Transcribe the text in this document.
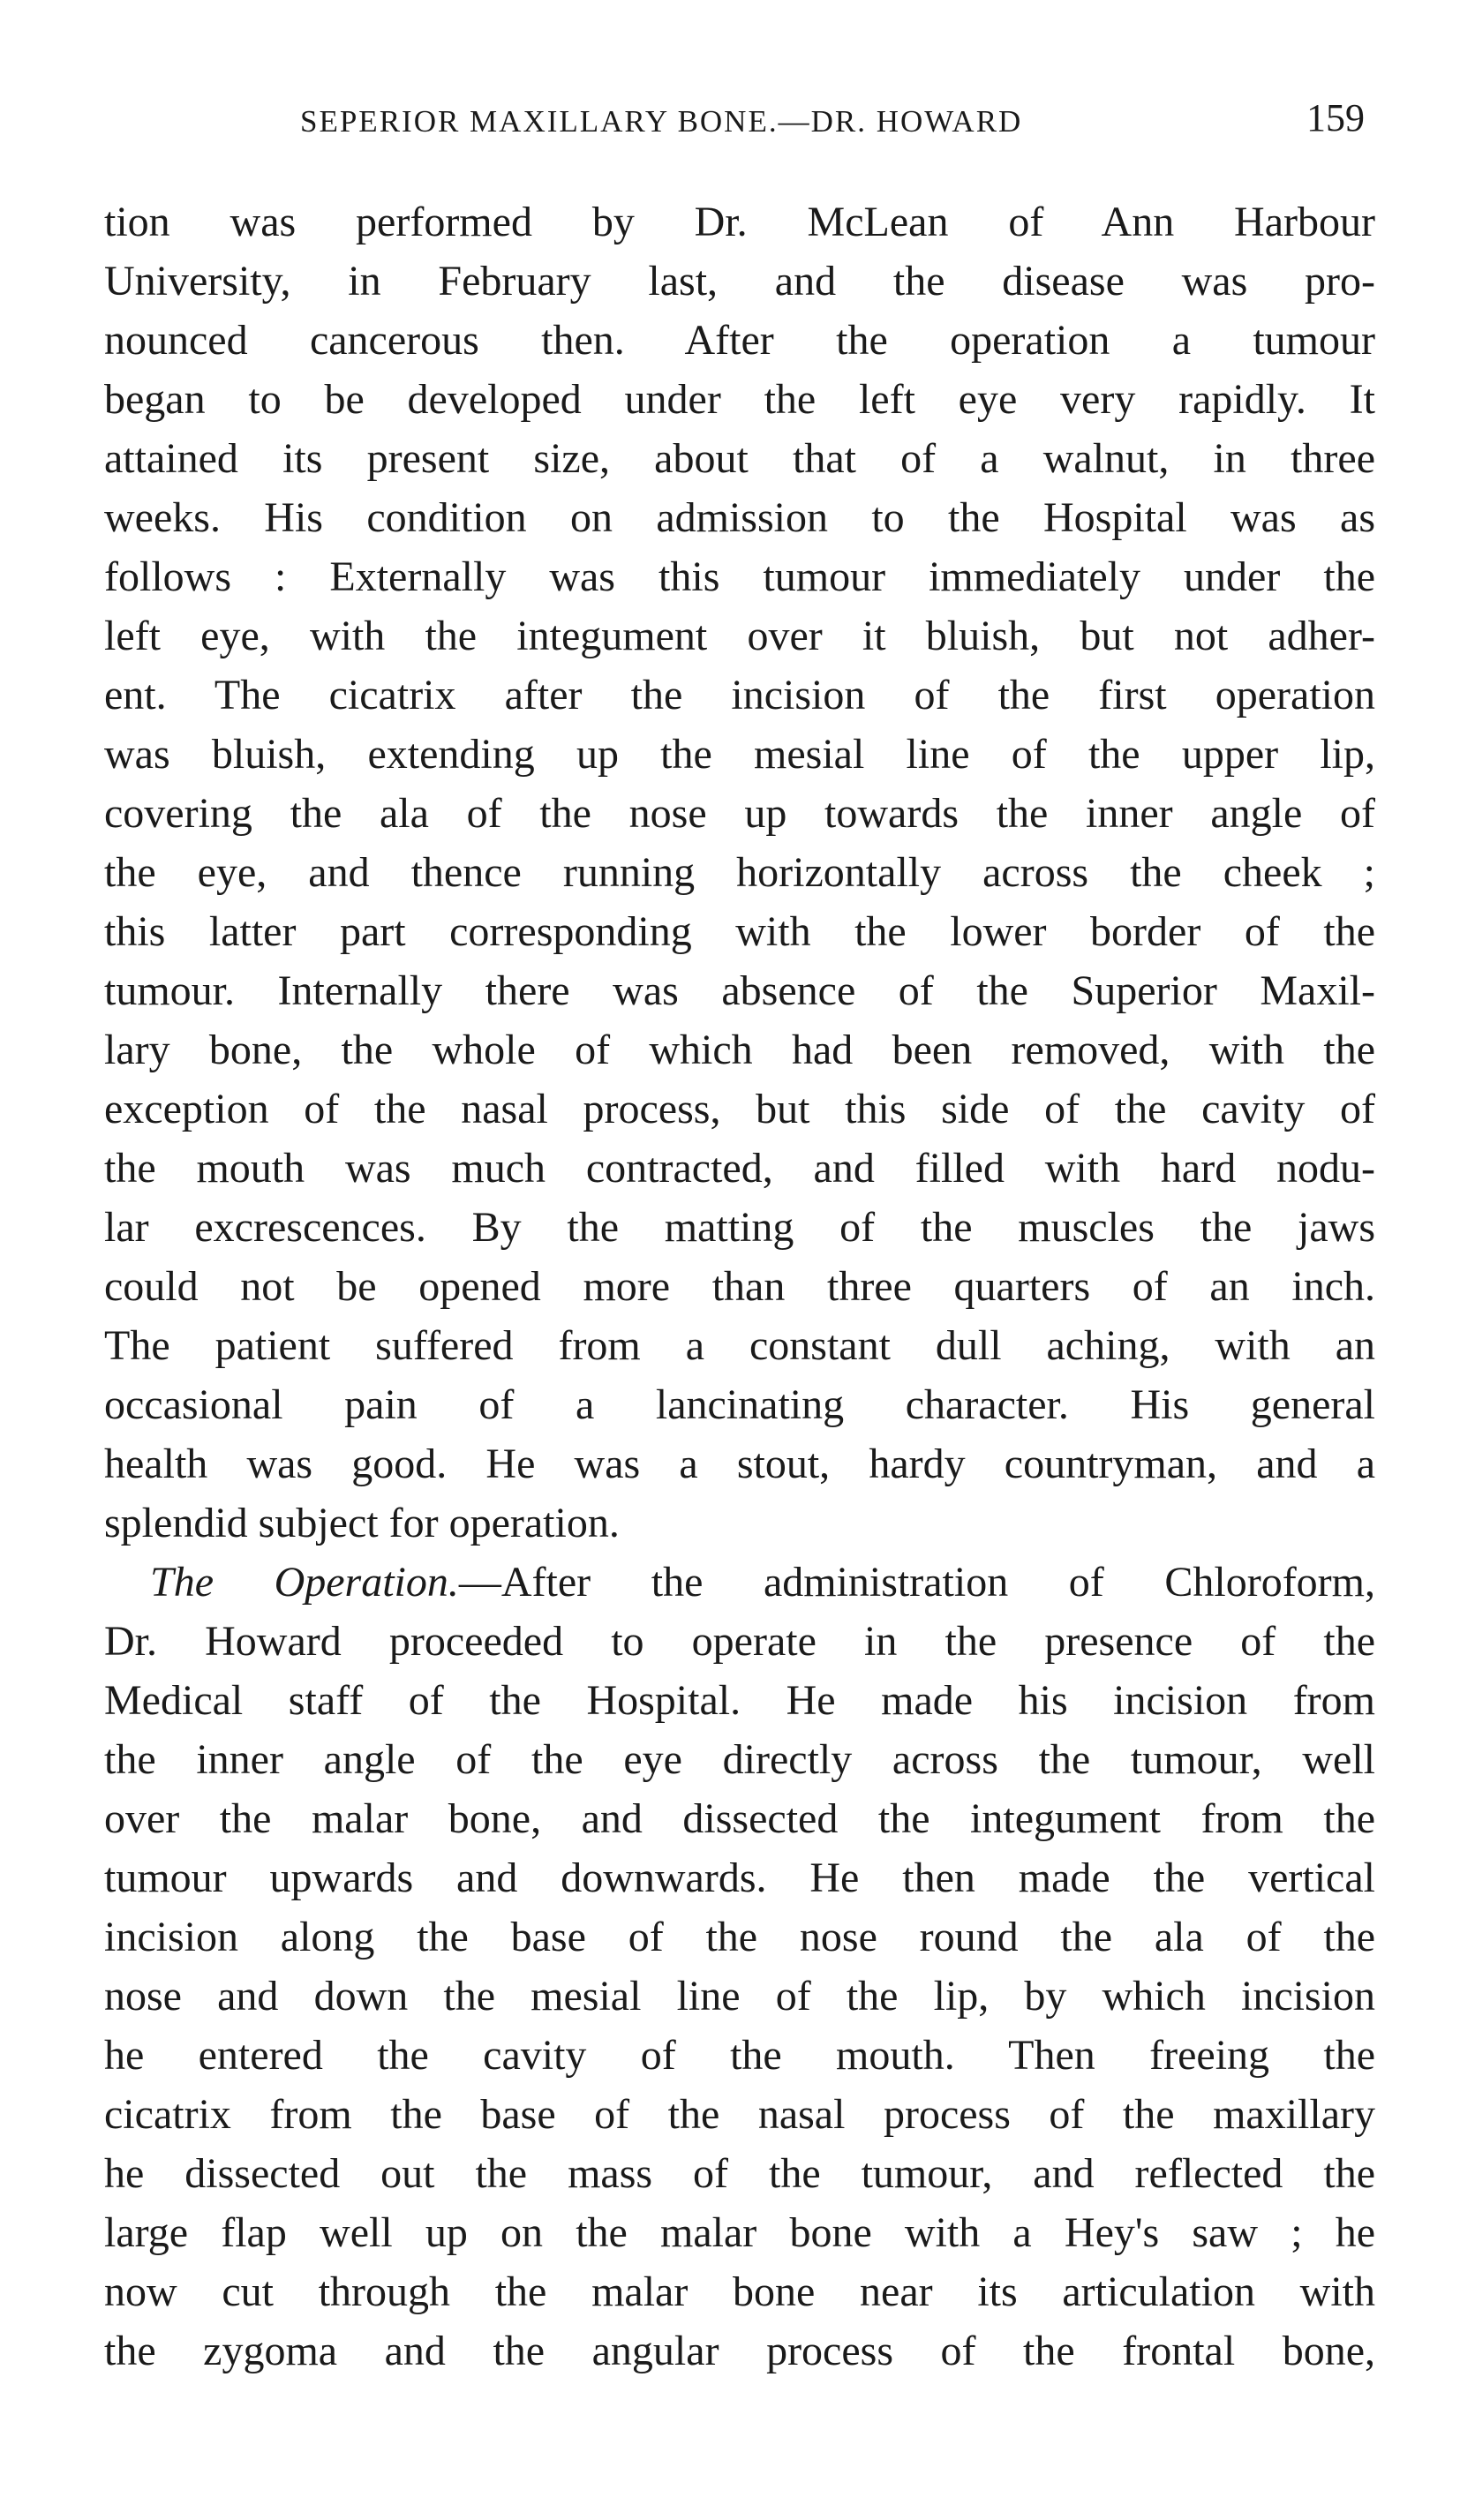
SEPERIOR MAXILLARY BONE.—DR. HOWARD	159
tion was performed by Dr. McLean of Ann Harbour
University, in February last, and the disease was pro-
nounced cancerous then. After the operation a tumour
began to be developed under the left eye very rapidly. It
attained its present size, about that of a walnut, in three
weeks. His condition on admission to the Hospital was as
follows : Externally was this tumour immediately under the
left eye, with the integument over it bluish, but not adher-
ent. The cicatrix after the incision of the first operation
was bluish, extending up the mesial line of the upper lip,
covering the ala of the nose up towards the inner angle of
the eye, and thence running horizontally across the cheek ;
this latter part corresponding with the lower border of the
tumour. Internally there was absence of the Superior Maxil-
lary bone, the whole of which had been removed, with the
exception of the nasal process, but this side of the cavity of
the mouth was much contracted, and filled with hard nodu-
lar excrescences. By the matting of the muscles the jaws
could not be opened more than three quarters of an inch.
The patient suffered from a constant dull aching, with an
occasional pain of a lancinating character. His general
health was good. He was a stout, hardy countryman, and a
splendid subject for operation.
The Operation.—After the administration of Chloroform,
Dr. Howard proceeded to operate in the presence of the
Medical staff of the Hospital. He made his incision from
the inner angle of the eye directly across the tumour, well
over the malar bone, and dissected the integument from the
tumour upwards and downwards. He then made the vertical
incision along the base of the nose round the ala of the
nose and down the mesial line of the lip, by which incision
he entered the cavity of the mouth. Then freeing the
cicatrix from the base of the nasal process of the maxillary
he dissected out the mass of the tumour, and reflected the
large flap well up on the malar bone with a Hey's saw ; he
now cut through the malar bone near its articulation with
the zygoma and the angular process of the frontal bone,
